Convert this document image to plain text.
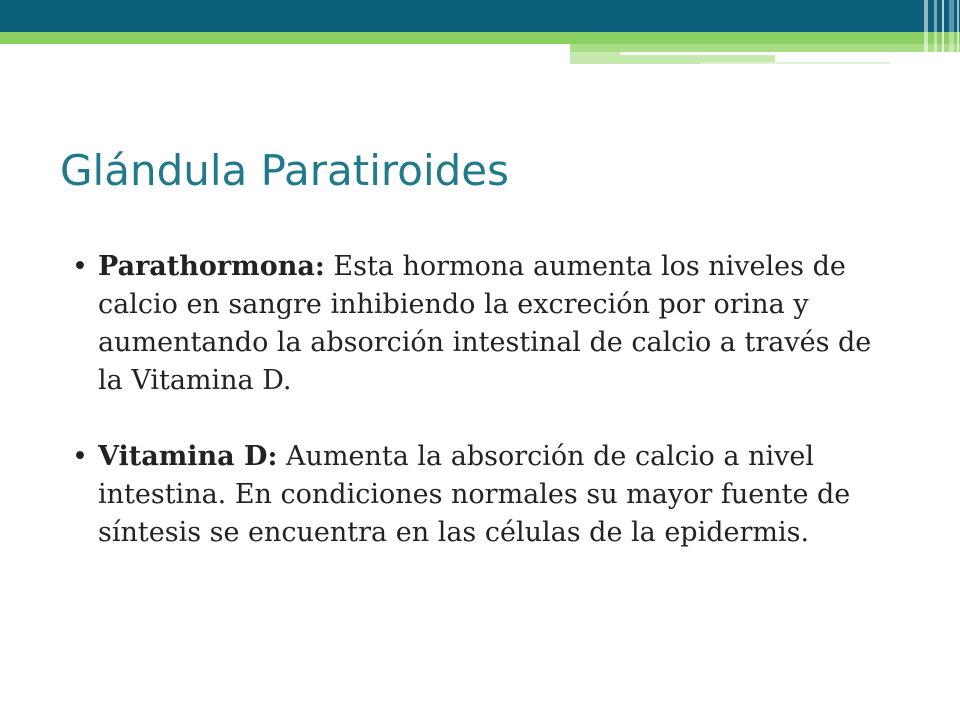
Glándula Paratiroides
• Parathormona: Esta hormona aumenta los niveles de calcio en sangre inhibiendo la excreción por orina y aumentando la absorción intestinal de calcio a través de la Vitamina D.
• Vitamina D: Aumenta la absorción de calcio a nivel intestina. En condiciones normales su mayor fuente de síntesis se encuentra en las células de la epidermis.
